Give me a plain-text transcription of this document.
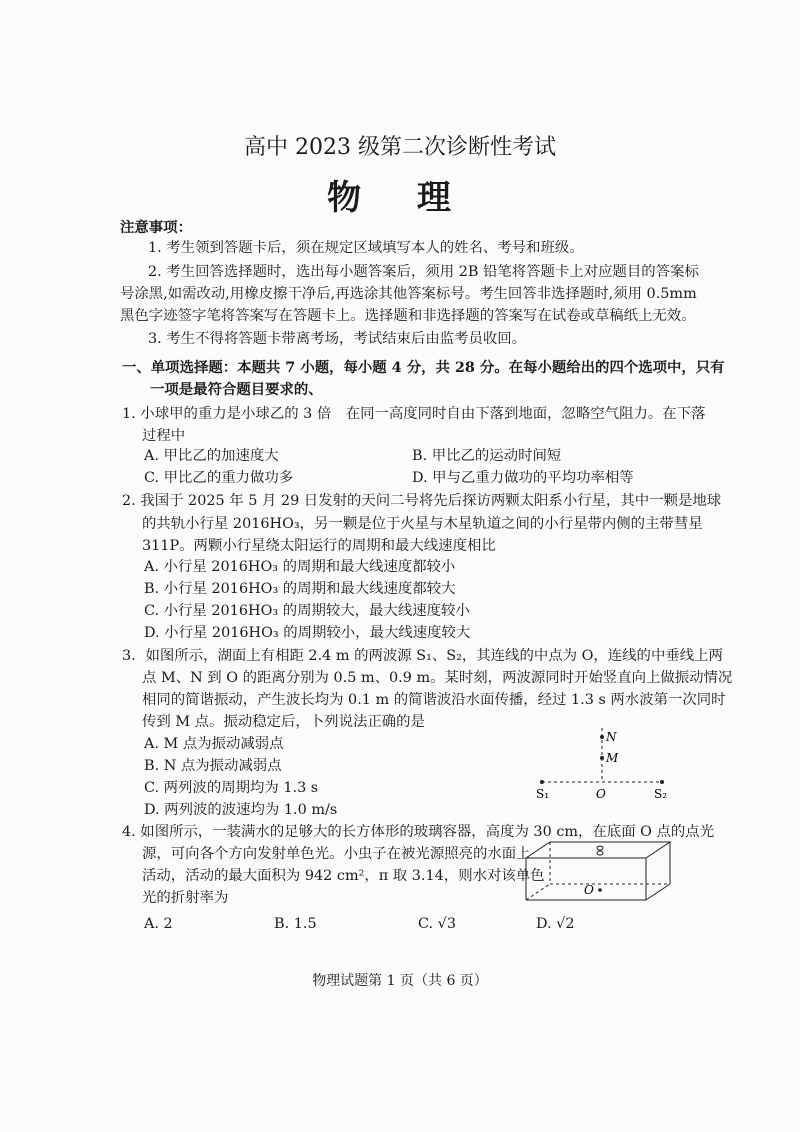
高中 2023 级第二次诊断性考试
物 理
注意事项：
1. 考生领到答题卡后，须在规定区域填写本人的姓名、考号和班级。
2. 考生回答选择题时，选出每小题答案后，须用 2B 铅笔将答题卡上对应题目的答案标
号涂黑,如需改动,用橡皮擦干净后,再选涂其他答案标号。考生回答非选择题时,须用 0.5mm
黑色字迹签字笔将答案写在答题卡上。选择题和非选择题的答案写在试卷或草稿纸上无效。
3. 考生不得将答题卡带离考场，考试结束后由监考员收回。
一、单项选择题：本题共 7 小题，每小题 4 分，共 28 分。在每小题给出的四个选项中，只有
一项是最符合题目要求的、
1. 小球甲的重力是小球乙的 3 倍　在同一高度同时自由下落到地面，忽略空气阻力。在下落
过程中
A. 甲比乙的加速度大	B. 甲比乙的运动时间短
C. 甲比乙的重力做功多	D. 甲与乙重力做功的平均功率相等
2. 我国于 2025 年 5 月 29 日发射的天问二号将先后探访两颗太阳系小行星，其中一颗是地球
的共轨小行星 2016HO₃，另一颗是位于火星与木星轨道之间的小行星带内侧的主带彗星
311P。两颗小行星绕太阳运行的周期和最大线速度相比
A. 小行星 2016HO₃ 的周期和最大线速度都较小
B. 小行星 2016HO₃ 的周期和最大线速度都较大
C. 小行星 2016HO₃ 的周期较大，最大线速度较小
D. 小行星 2016HO₃ 的周期较小，最大线速度较大
3．如图所示，湖面上有相距 2.4 m 的两波源 S₁、S₂，其连线的中点为 O，连线的中垂线上两
点 M、N 到 O 的距离分别为 0.5 m、0.9 m。某时刻，两波源同时开始竖直向上做振动情况
相同的简谐振动，产生波长均为 0.1 m 的简谐波沿水面传播，经过 1.3 s 两水波第一次同时
传到 M 点。振动稳定后，卜列说法正确的是
A. M 点为振动减弱点
B. N 点为振动减弱点
C. 两列波的周期均为 1.3 s
D. 两列波的波速均为 1.0 m/s
N
M
S₁	O	S₂
4. 如图所示，一装满水的足够大的长方体形的玻璃容器，高度为 30 cm，在底面 O 点的点光
源，可向各个方向发射单色光。小虫子在被光源照亮的水面上
活动，活动的最大面积为 942 cm²，π 取 3.14，则水对该单色
光的折射率为
A. 2	B. 1.5	C. √3	D. √2
O
物理试题第 1 页（共 6 页）
